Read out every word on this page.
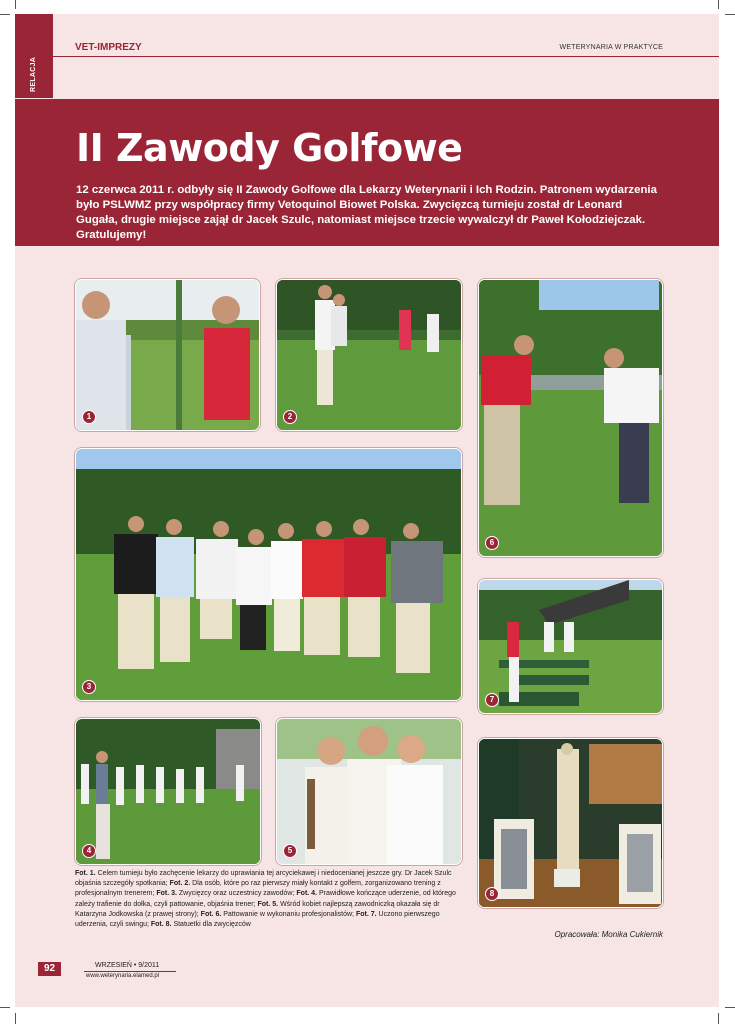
RELACJA
VET-IMPREZY	WETERYNARIA W PRAKTYCE
II Zawody Golfowe
12 czerwca 2011 r. odbyły się II Zawody Golfowe dla Lekarzy Weterynarii i Ich Rodzin. Patronem wydarzenia było PSLWMZ przy współpracy firmy Vetoquinol Biowet Polska. Zwycięzcą turnieju został dr Leonard Gugała, drugie miejsce zajął dr Jacek Szulc, natomiast miejsce trzecie wywalczył dr Paweł Kołodziejczak. Gratulujemy!
1	2
6
3
7
4	5
8
Fot. 1. Celem turnieju było zachęcenie lekarzy do uprawiania tej arcyciekawej i niedocenianej jeszcze gry. Dr Jacek Szulc objaśnia szczegóły spotkania; Fot. 2. Dla osób, które po raz pierwszy miały kontakt z golfem, zorganizowano trening z profesjonalnym trenerem; Fot. 3. Zwycięzcy oraz uczestnicy zawodów; Fot. 4. Prawidłowe kończące uderzenie, od którego zależy trafienie do dołka, czyli pattowanie, objaśnia trener; Fot. 5. Wśród kobiet najlepszą zawodniczką okazała się dr Katarzyna Jodkowska (z prawej strony); Fot. 6. Pattowanie w wykonaniu profesjonalistów; Fot. 7. Uczono pierwszego uderzenia, czyli swingu; Fot. 8. Statuetki dla zwycięzców
Opracowała: Monika Cukiernik
92	WRZESIEŃ • 9/2011
www.weterynaria.elamed.pl
